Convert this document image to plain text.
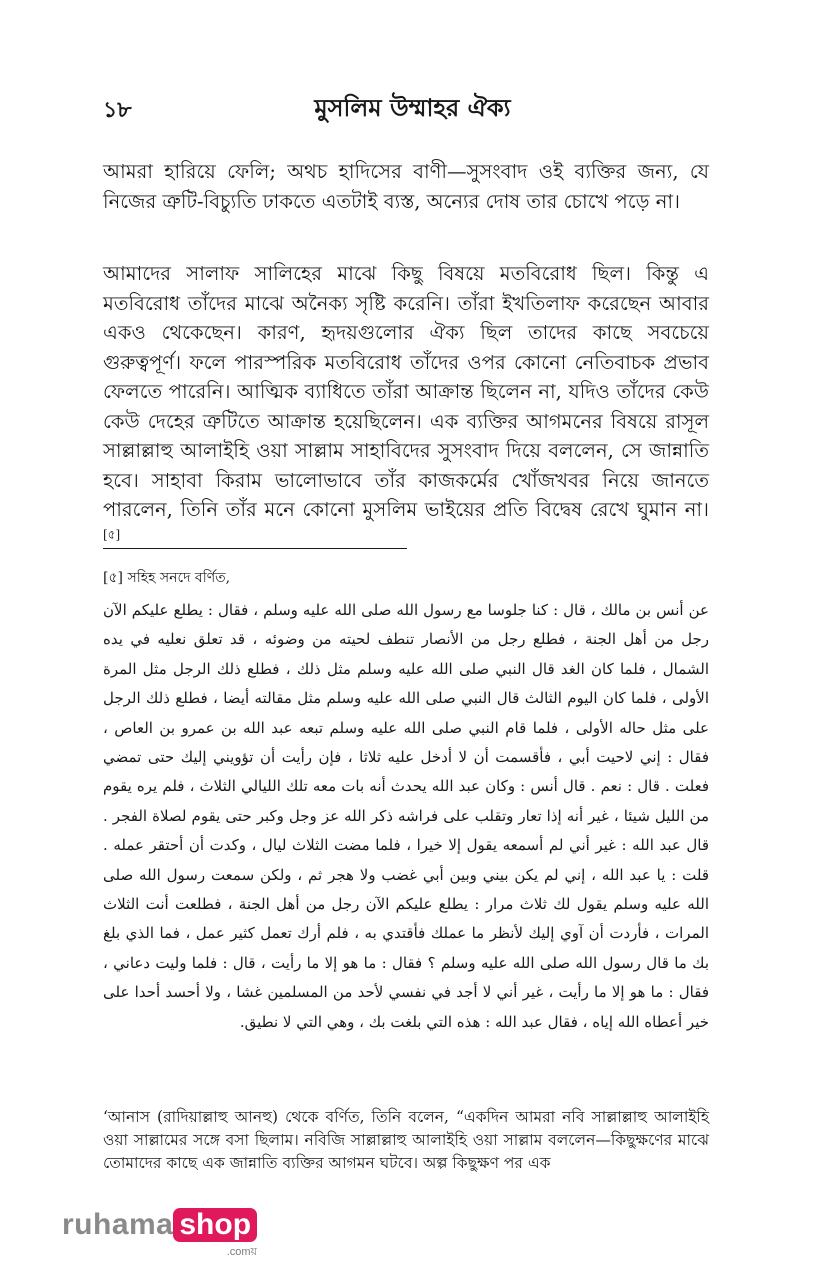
১৮	মুসলিম উম্মাহর ঐক্য

আমরা হারিয়ে ফেলি; অথচ হাদিসের বাণী—সুসংবাদ ওই ব্যক্তির জন্য, যে নিজের ত্রুটি-বিচ্যুতি ঢাকতে এতটাই ব্যস্ত, অন্যের দোষ তার চোখে পড়ে না।

আমাদের সালাফ সালিহের মাঝে কিছু বিষয়ে মতবিরোধ ছিল। কিন্তু এ মতবিরোধ তাঁদের মাঝে অনৈক্য সৃষ্টি করেনি। তাঁরা ইখতিলাফ করেছেন আবার একও থেকেছেন। কারণ, হৃদয়গুলোর ঐক্য ছিল তাদের কাছে সবচেয়ে গুরুত্বপূর্ণ। ফলে পারস্পরিক মতবিরোধ তাঁদের ওপর কোনো নেতিবাচক প্রভাব ফেলতে পারেনি। আত্মিক ব্যাধিতে তাঁরা আক্রান্ত ছিলেন না, যদিও তাঁদের কেউ কেউ দেহের ত্রুটিতে আক্রান্ত হয়েছিলেন। এক ব্যক্তির আগমনের বিষয়ে রাসূল সাল্লাল্লাহু আলাইহি ওয়া সাল্লাম সাহাবিদের সুসংবাদ দিয়ে বললেন, সে জান্নাতি হবে। সাহাবা কিরাম ভালোভাবে তাঁর কাজকর্মের খোঁজখবর নিয়ে জানতে পারলেন, তিনি তাঁর মনে কোনো মুসলিম ভাইয়ের প্রতি বিদ্বেষ রেখে ঘুমান না।[৫]

[৫] সহিহ সনদে বর্ণিত,

عن أنس بن مالك ، قال : كنا جلوسا مع رسول الله صلى الله عليه وسلم ، فقال : يطلع عليكم الآن رجل من أهل الجنة ، فطلع رجل من الأنصار تنطف لحيته من وضوئه ، قد تعلق نعليه في يده الشمال ، فلما كان الغد قال النبي صلى الله عليه وسلم مثل ذلك ، فطلع ذلك الرجل مثل المرة الأولى ، فلما كان اليوم الثالث قال النبي صلى الله عليه وسلم مثل مقالته أيضا ، فطلع ذلك الرجل على مثل حاله الأولى ، فلما قام النبي صلى الله عليه وسلم تبعه عبد الله بن عمرو بن العاص ، فقال : إني لاحيت أبي ، فأقسمت أن لا أدخل عليه ثلاثا ، فإن رأيت أن تؤويني إليك حتى تمضي فعلت . قال : نعم . قال أنس : وكان عبد الله يحدث أنه بات معه تلك الليالي الثلاث ، فلم يره يقوم من الليل شيئا ، غير أنه إذا تعار وتقلب على فراشه ذكر الله عز وجل وكبر حتى يقوم لصلاة الفجر . قال عبد الله : غير أني لم أسمعه يقول إلا خيرا ، فلما مضت الثلاث ليال ، وكدت أن أحتقر عمله . قلت : يا عبد الله ، إني لم يكن بيني وبين أبي غضب ولا هجر ثم ، ولكن سمعت رسول الله صلى الله عليه وسلم يقول لك ثلاث مرار : يطلع عليكم الآن رجل من أهل الجنة ، فطلعت أنت الثلاث المرات ، فأردت أن آوي إليك لأنظر ما عملك فأقتدي به ، فلم أرك تعمل كثير عمل ، فما الذي بلغ بك ما قال رسول الله صلى الله عليه وسلم ؟ فقال : ما هو إلا ما رأيت ، قال : فلما وليت دعاني ، فقال : ما هو إلا ما رأيت ، غير أني لا أجد في نفسي لأحد من المسلمين غشا ، ولا أحسد أحدا على خير أعطاه الله إياه ، فقال عبد الله : هذه التي بلغت بك ، وهي التي لا نطيق.

‘আনাস (রাদিয়াল্লাহু আনহু) থেকে বর্ণিত, তিনি বলেন, “একদিন আমরা নবি সাল্লাল্লাহু আলাইহি ওয়া সাল্লামের সঙ্গে বসা ছিলাম। নবিজি সাল্লাল্লাহু আলাইহি ওয়া সাল্লাম বললেন—কিছুক্ষণের মাঝে তোমাদের কাছে এক জান্নাতি ব্যক্তির আগমন ঘটবে। অল্প কিছুক্ষণ পর এক

ruhama shop
.comয়
